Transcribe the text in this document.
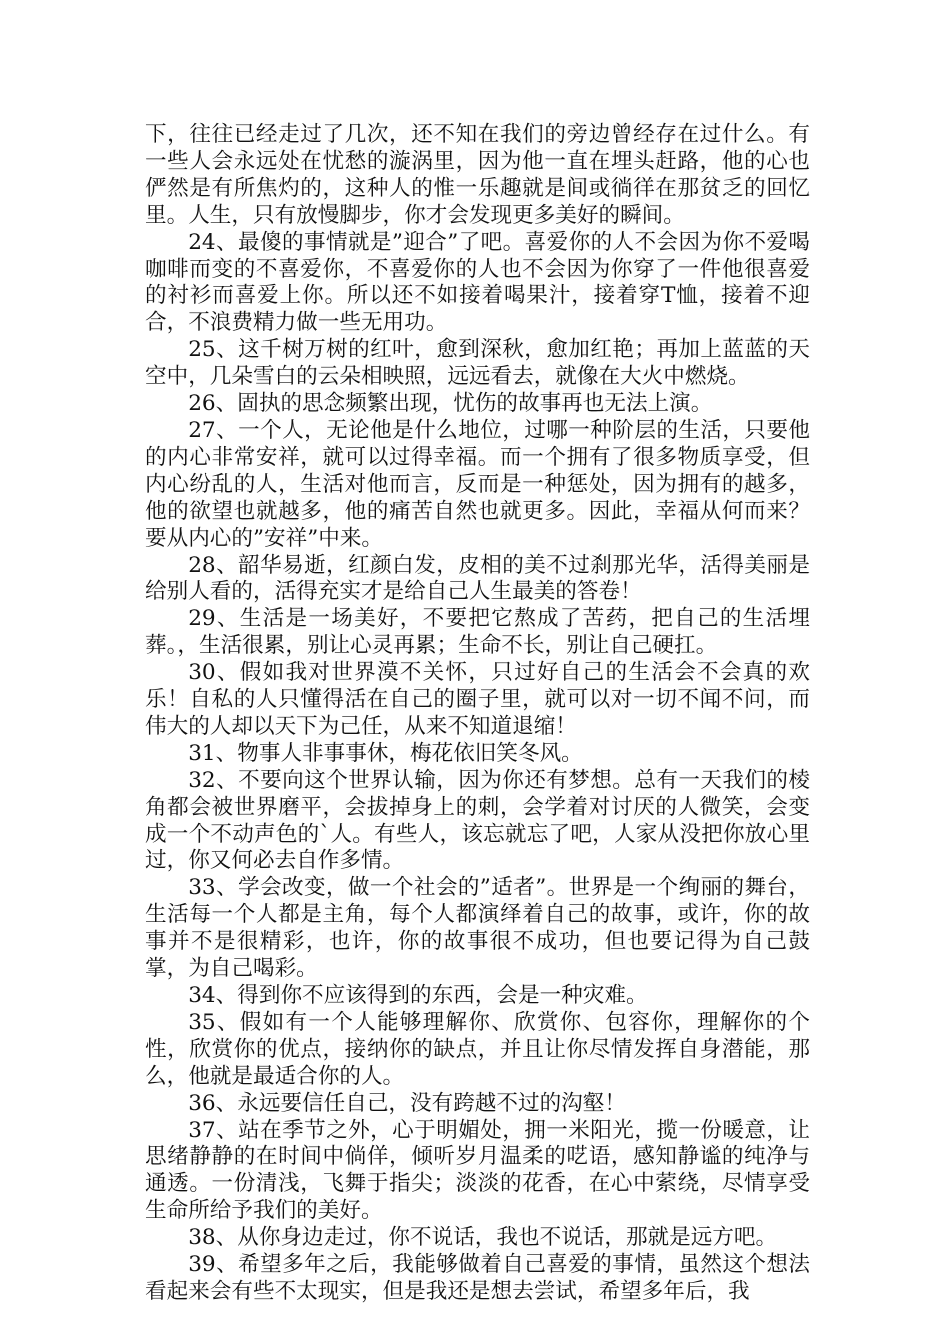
下，往往已经走过了几次，还不知在我们的旁边曾经存在过什么。有一些人会永远处在忧愁的漩涡里，因为他一直在埋头赶路，他的心也俨然是有所焦灼的，这种人的惟一乐趣就是间或徜徉在那贫乏的回忆里。人生，只有放慢脚步，你才会发现更多美好的瞬间。

24、最傻的事情就是”迎合”了吧。喜爱你的人不会因为你不爱喝咖啡而变的不喜爱你，不喜爱你的人也不会因为你穿了一件他很喜爱的衬衫而喜爱上你。所以还不如接着喝果汁，接着穿T恤，接着不迎合，不浪费精力做一些无用功。

25、这千树万树的红叶，愈到深秋，愈加红艳；再加上蓝蓝的天空中，几朵雪白的云朵相映照，远远看去，就像在大火中燃烧。

26、固执的思念频繁出现，忧伤的故事再也无法上演。

27、一个人，无论他是什么地位，过哪一种阶层的生活，只要他的内心非常安祥，就可以过得幸福。而一个拥有了很多物质享受，但内心纷乱的人，生活对他而言，反而是一种惩处，因为拥有的越多，他的欲望也就越多，他的痛苦自然也就更多。因此，幸福从何而来？要从内心的”安祥”中来。

28、韶华易逝，红颜白发，皮相的美不过刹那光华，活得美丽是给别人看的，活得充实才是给自己人生最美的答卷！

29、生活是一场美好，不要把它熬成了苦药，把自己的生活埋葬。，生活很累，别让心灵再累；生命不长，别让自己硬扛。

30、假如我对世界漠不关怀，只过好自己的生活会不会真的欢乐！自私的人只懂得活在自己的圈子里，就可以对一切不闻不问，而伟大的人却以天下为己任，从来不知道退缩！

31、物事人非事事休，梅花依旧笑冬风。

32、不要向这个世界认输，因为你还有梦想。总有一天我们的棱角都会被世界磨平，会拔掉身上的刺，会学着对讨厌的人微笑，会变成一个不动声色的`人。有些人，该忘就忘了吧，人家从没把你放心里过，你又何必去自作多情。

33、学会改变，做一个社会的”适者”。世界是一个绚丽的舞台，生活每一个人都是主角，每个人都演绎着自己的故事，或许，你的故事并不是很精彩，也许，你的故事很不成功，但也要记得为自己鼓掌，为自己喝彩。

34、得到你不应该得到的东西，会是一种灾难。

35、假如有一个人能够理解你、欣赏你、包容你，理解你的个性，欣赏你的优点，接纳你的缺点，并且让你尽情发挥自身潜能，那么，他就是最适合你的人。

36、永远要信任自己，没有跨越不过的沟壑！

37、站在季节之外，心于明媚处，拥一米阳光，揽一份暖意，让思绪静静的在时间中倘佯，倾听岁月温柔的呓语，感知静谧的纯净与通透。一份清浅，飞舞于指尖；淡淡的花香，在心中萦绕，尽情享受生命所给予我们的美好。

38、从你身边走过，你不说话，我也不说话，那就是远方吧。

39、希望多年之后，我能够做着自己喜爱的事情，虽然这个想法看起来会有些不太现实，但是我还是想去尝试，希望多年后，我
